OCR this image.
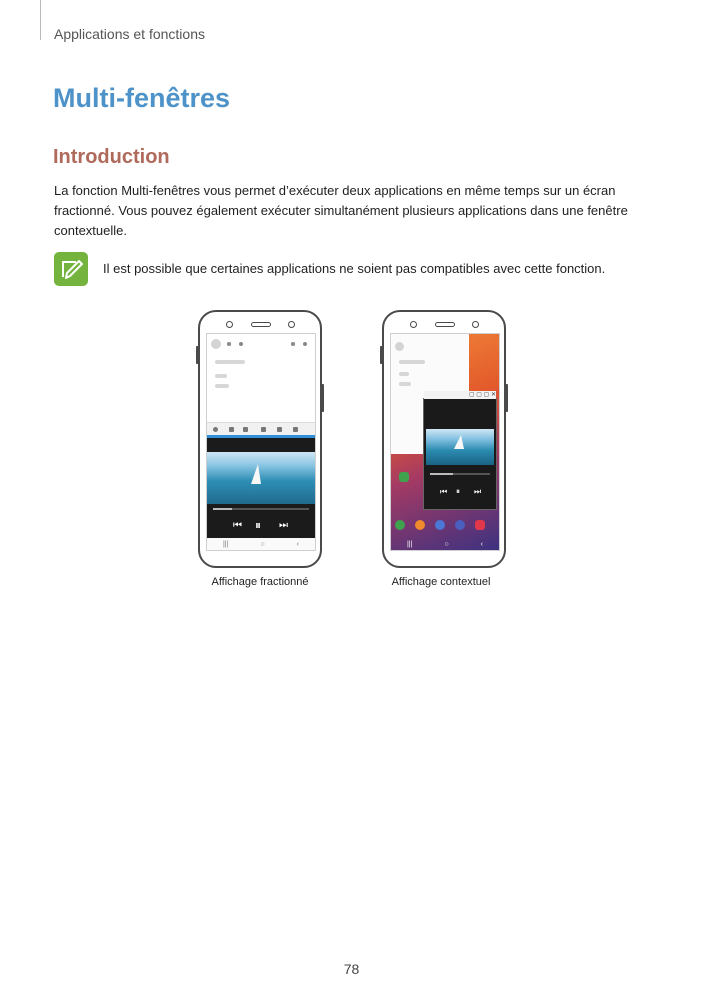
Applications et fonctions
Multi-fenêtres
Introduction

La fonction Multi-fenêtres vous permet d’exécuter deux applications en même temps sur un écran fractionné. Vous pouvez également exécuter simultanément plusieurs applications dans une fenêtre contextuelle.

Il est possible que certaines applications ne soient pas compatibles avec cette fonction.

⏮ ⏸ ⏭
|||	○	‹
▢ ▢ ▢ ✕
⏮ ⏸ ⏭
|||	○	‹
Affichage fractionné	Affichage contextuel
78
